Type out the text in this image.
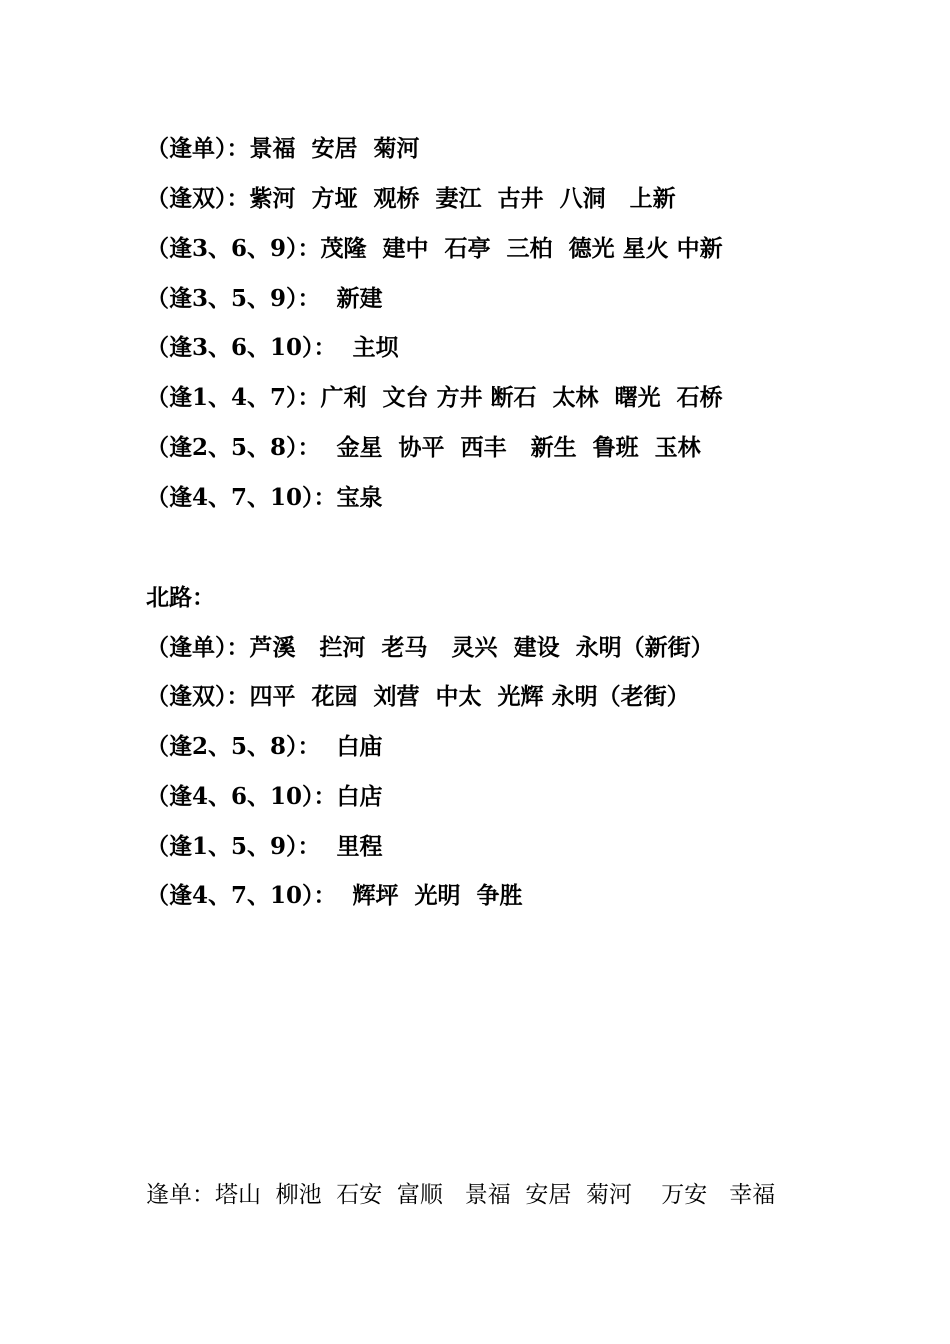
（逢单）：景福  安居  菊河
（逢双）：紫河  方垭  观桥  妻江  古井  八洞   上新
（逢3、6、9）：茂隆  建中  石亭  三柏  德光 星火 中新
（逢3、5、9）：  新建
（逢3、6、10）：  主坝
（逢1、4、7）：广利  文台 方井 断石  太林  曙光  石桥
（逢2、5、8）：  金星  协平  西丰   新生  鲁班  玉林
（逢4、7、10）：宝泉
北路：
（逢单）：芦溪   拦河  老马   灵兴  建设  永明（新街）
（逢双）：四平  花园  刘营  中太  光辉 永明（老街）
（逢2、5、8）：  白庙
（逢4、6、10）：白店
（逢1、5、9）：  里程
（逢4、7、10）：  辉坪  光明  争胜
逢单：塔山  柳池  石安  富顺   景福  安居  菊河    万安   幸福
